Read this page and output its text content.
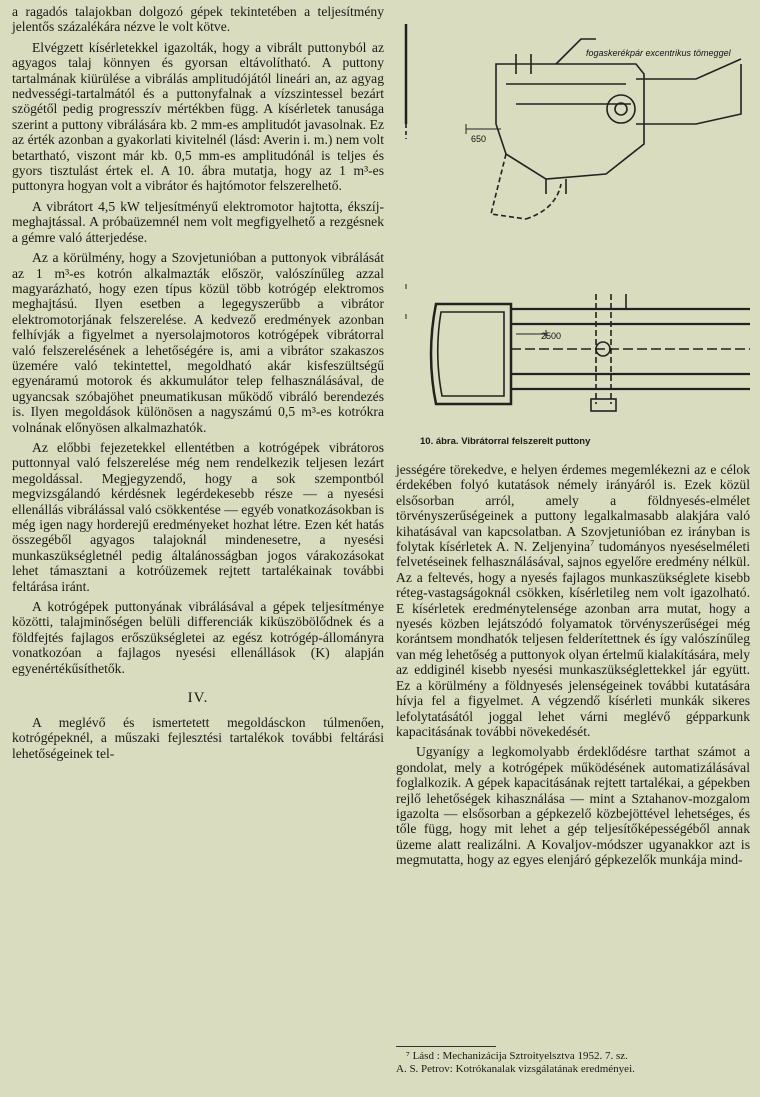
a ragadós talajokban dolgozó gépek tekintetében a teljesítmény jelentős százalékára nézve le volt kötve.

Elvégzett kísérletekkel igazolták, hogy a vibrált puttonyból az agyagos talaj könnyen és gyorsan eltávolítható. A puttony tartalmának kiürülése a vibrálás amplitudójától lineári an, az agyag nedvességi-tartalmától és a puttonyfalnak a vízszintessel bezárt szögétől pedig progresszív mértékben függ. A kísérletek tanusága szerint a puttony vibrálására kb. 2 mm-es amplitudót javasolnak. Ez az érték azonban a gyakorlati kivitelnél (lásd: Averin i. m.) nem volt betartható, viszont már kb. 0,5 mm-es amplitudónál is teljes és gyors tisztulást értek el. A 10. ábra mutatja, hogy az 1 m³-es puttonyra hogyan volt a vibrátor és hajtómotor felszerelhető.

A vibrátort 4,5 kW teljesítményű elektromotor hajtotta, ékszíj-meghajtással. A próbaüzemnél nem volt megfigyelhető a rezgésnek a gémre való átterjedése.

Az a körülmény, hogy a Szovjetunióban a puttonyok vibrálását az 1 m³-es kotrón alkalmazták először, valószínűleg azzal magyarázható, hogy ezen típus közül több kotrógép elektromos meghajtású. Ilyen esetben a legegyszerűbb a vibrátor elektromotorjának felszerelése. A kedvező eredmények azonban felhívják a figyelmet a nyersolajmotoros kotrógépek vibrátorral való felszerelésének a lehetőségére is, ami a vibrátor szakaszos üzemére való tekintettel, megoldható akár kisfeszültségű egyenáramú motorok és akkumulátor telep felhasználásával, de ugyancsak szóbajöhet pneumatikusan működő vibráló berendezés is. Ilyen megoldások különösen a nagyszámú 0,5 m³-es kotrókra volnának előnyösen alkalmazhatók.

Az előbbi fejezetekkel ellentétben a kotrógépek vibrátoros puttonnyal való felszerelése még nem rendelkezik teljesen lezárt megoldással. Megjegyzendő, hogy a sok szempontból megvizsgálandó kérdésnek legérdekesebb része — a nyesési ellenállás vibrálással való csökkentése — egyéb vonatkozásokban is még igen nagy horderejű eredményeket hozhat létre. Ezen két hatás összegéből agyagos talajoknál mindenesetre, a nyesési munkaszükségletnél pedig általánosságban jogos várakozásokat lehet támasztani a kotróüzemek rejtett tartalékainak további feltárása iránt.

A kotrógépek puttonyának vibrálásával a gépek teljesítménye közötti, talajminőségen belüli differenciák kiküszöbölődnek és a földfejtés fajlagos erőszükségletei az egész kotrógép-állományra vonatkozóan a fajlagos nyesési ellenállások (K) alapján egyenértékűsíthetők.

IV.

A meglévő és ismertetett megoldásckon túlmenően, kotrógépeknél, a műszaki fejlesztési tartalékok további feltárási lehetőségeinek tel-

fogaskerékpár excentrikus tömeggel
650
2500
10. ábra. Vibrátorral felszerelt puttony

jességére törekedve, e helyen érdemes megemlékezni az e célok érdekében folyó kutatások némely irányáról is. Ezek közül elsősorban arról, amely a földnyesés-elmélet törvényszerűségeinek a puttony legalkalmasabb alakjára való kihatásával van kapcsolatban. A Szovjetunióban ez irányban is folytak kísérletek A. N. Zeljenyina$^7$ tudományos nyeséselméleti felvetéseinek felhasználásával, sajnos egyelőre eredmény nélkül. Az a feltevés, hogy a nyesés fajlagos munkaszükséglete kisebb réteg-vastagságoknál csökken, kísérletileg nem volt igazolható. E kísérletek eredménytelensége azonban arra mutat, hogy a nyesés közben lejátszódó folyamatok törvényszerűségei még korántsem mondhatók teljesen felderítettnek és így valószínűleg van még lehetőség a puttonyok olyan értelmű kialakítására, mely az eddiginél kisebb nyesési munkaszükséglettekkel jár együtt. Ez a körülmény a földnyesés jelenségeinek további kutatására hívja fel a figyelmet. A végzendő kísérleti munkák sikeres lefolytatásától joggal lehet várni meglévő gépparkunk kapacitásának további növekedését.

Ugyanígy a legkomolyabb érdeklődésre tarthat számot a gondolat, mely a kotrógépek működésének automatizálásával foglalkozik. A gépek kapacitásának rejtett tartalékai, a gépekben rejlő lehetőségek kihasználása — mint a Sztahanov-mozgalom igazolta — elsősorban a gépkezelő közbejöttével lehetséges, és tőle függ, hogy mit lehet a gép teljesítőképességéből annak üzeme alatt realizálni. A Kovaljov-módszer ugyanakkor azt is megmutatta, hogy az egyes elenjáró gépkezelők munkája mind-

⁷ Lásd : Mechanizácija Sztroityelsztva 1952. 7. sz.
A. S. Petrov: Kotrókanalak vizsgálatának eredményei.
